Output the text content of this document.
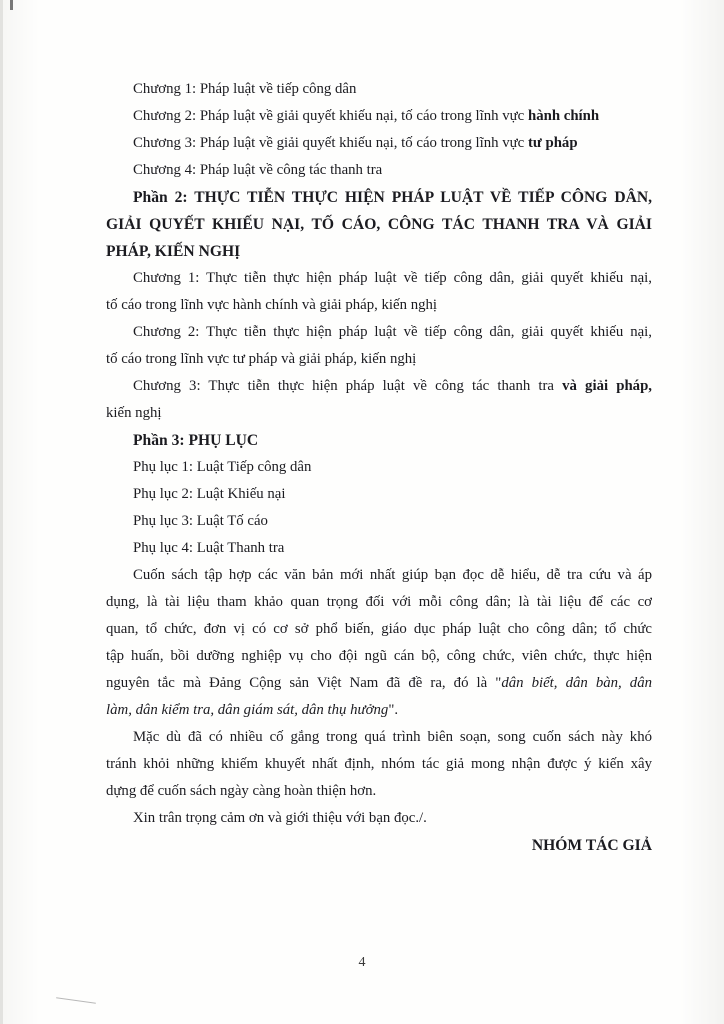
Chương 1: Pháp luật về tiếp công dân
Chương 2: Pháp luật về giải quyết khiếu nại, tố cáo trong lĩnh vực hành chính
Chương 3: Pháp luật về giải quyết khiếu nại, tố cáo trong lĩnh vực tư pháp
Chương 4: Pháp luật về công tác thanh tra
Phần 2: THỰC TIỄN THỰC HIỆN PHÁP LUẬT VỀ TIẾP CÔNG DÂN,
GIẢI QUYẾT KHIẾU NẠI, TỐ CÁO, CÔNG TÁC THANH TRA VÀ GIẢI
PHÁP, KIẾN NGHỊ
Chương 1: Thực tiễn thực hiện pháp luật về tiếp công dân, giải quyết khiếu nại,
tố cáo trong lĩnh vực hành chính và giải pháp, kiến nghị
Chương 2: Thực tiễn thực hiện pháp luật về tiếp công dân, giải quyết khiếu nại,
tố cáo trong lĩnh vực tư pháp và giải pháp, kiến nghị
Chương 3: Thực tiễn thực hiện pháp luật về công tác thanh tra và giải pháp,
kiến nghị
Phần 3: PHỤ LỤC
Phụ lục 1: Luật Tiếp công dân
Phụ lục 2: Luật Khiếu nại
Phụ lục 3: Luật Tố cáo
Phụ lục 4: Luật Thanh tra
Cuốn sách tập hợp các văn bản mới nhất giúp bạn đọc dễ hiểu, dễ tra cứu và áp
dụng, là tài liệu tham khảo quan trọng đối với mỗi công dân; là tài liệu để các cơ
quan, tổ chức, đơn vị có cơ sở phổ biến, giáo dục pháp luật cho công dân; tổ chức
tập huấn, bồi dưỡng nghiệp vụ cho đội ngũ cán bộ, công chức, viên chức, thực hiện
nguyên tắc mà Đảng Cộng sản Việt Nam đã đề ra, đó là "dân biết, dân bàn, dân
làm, dân kiểm tra, dân giám sát, dân thụ hưởng".
Mặc dù đã có nhiều cố gắng trong quá trình biên soạn, song cuốn sách này khó
tránh khỏi những khiếm khuyết nhất định, nhóm tác giả mong nhận được ý kiến xây
dựng để cuốn sách ngày càng hoàn thiện hơn.
Xin trân trọng cảm ơn và giới thiệu với bạn đọc./.
NHÓM TÁC GIẢ
4
